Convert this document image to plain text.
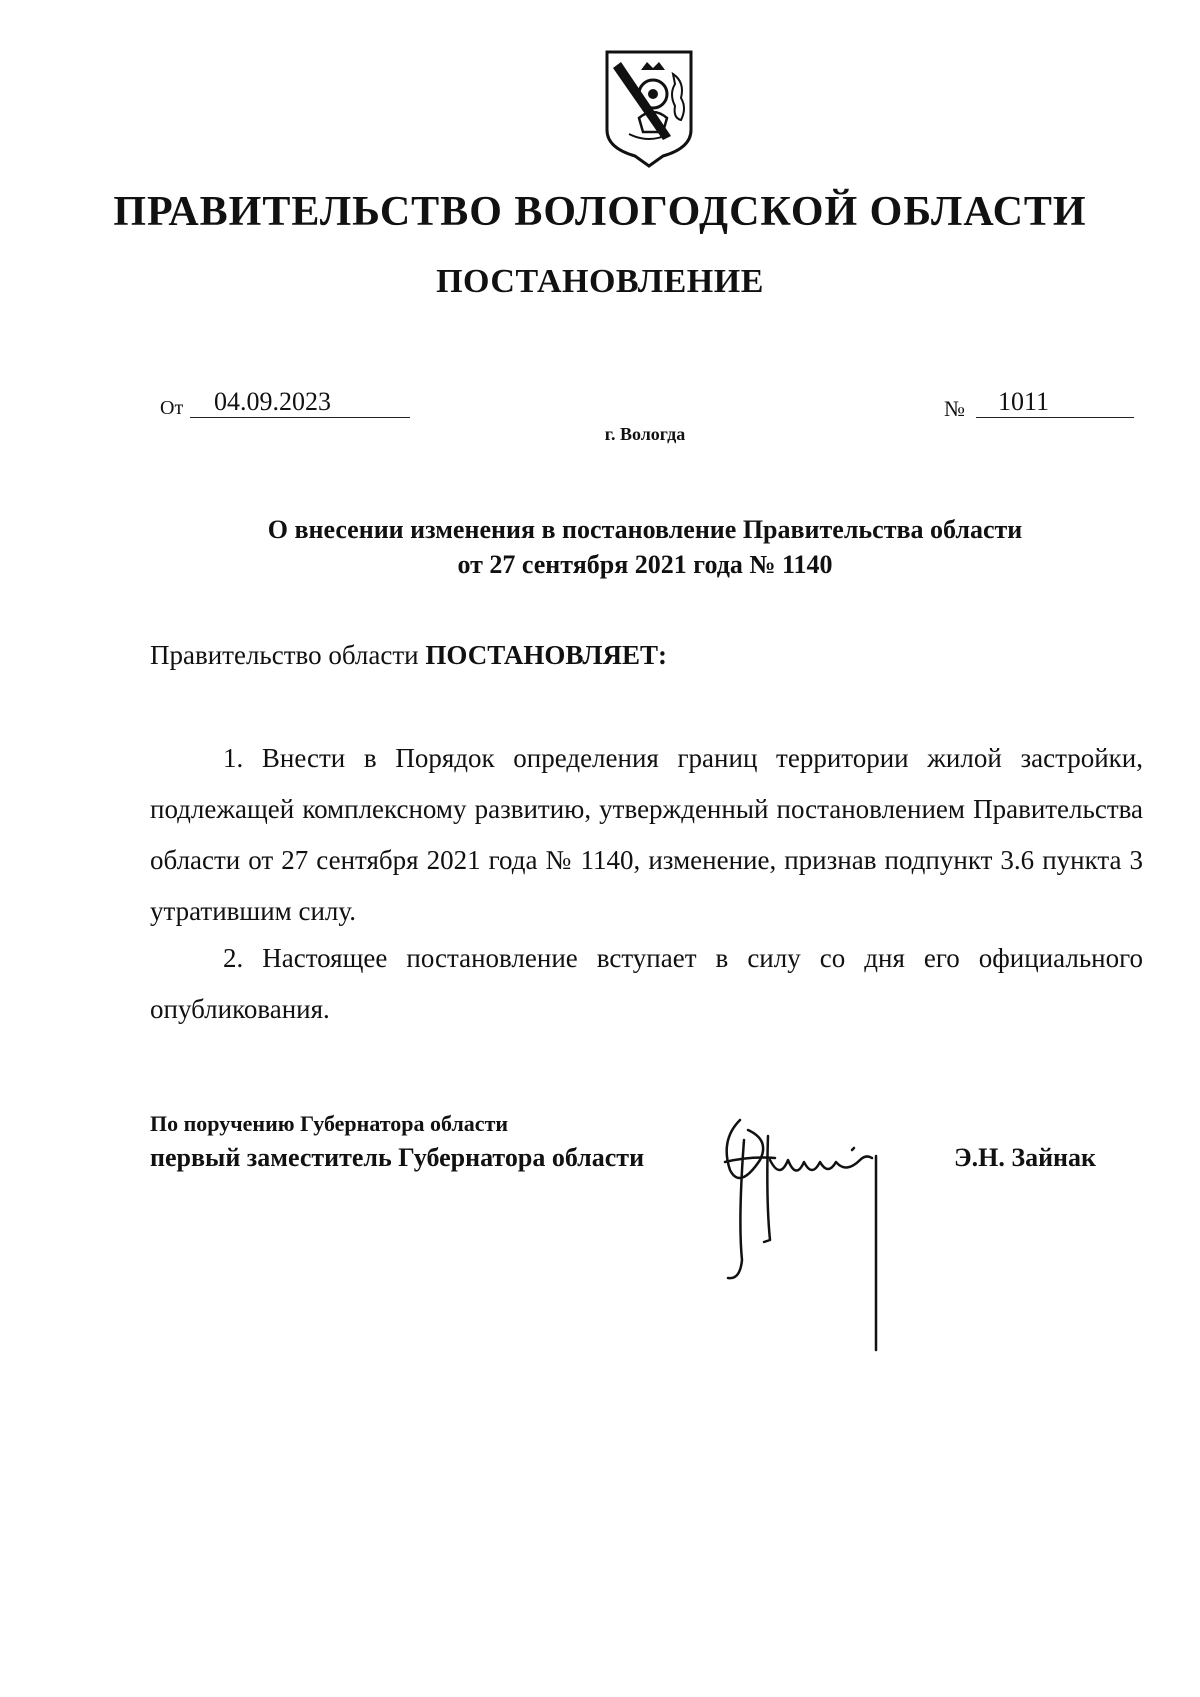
ПРАВИТЕЛЬСТВО ВОЛОГОДСКОЙ ОБЛАСТИ
ПОСТАНОВЛЕНИЕ
От	04.09.2023	№	1011
г. Вологда
О внесении изменения в постановление Правительства области
от 27 сентября 2021 года № 1140
Правительство области ПОСТАНОВЛЯЕТ:

1. Внести в Порядок определения границ территории жилой застройки, подлежащей комплексному развитию, утвержденный постановлением Правительства области от 27 сентября 2021 года № 1140, изменение, признав подпункт 3.6 пункта 3 утратившим силу.

2. Настоящее постановление вступает в силу со дня его официального опубликования.

По поручению Губернатора области
первый заместитель Губернатора области	Э.Н. Зайнак
